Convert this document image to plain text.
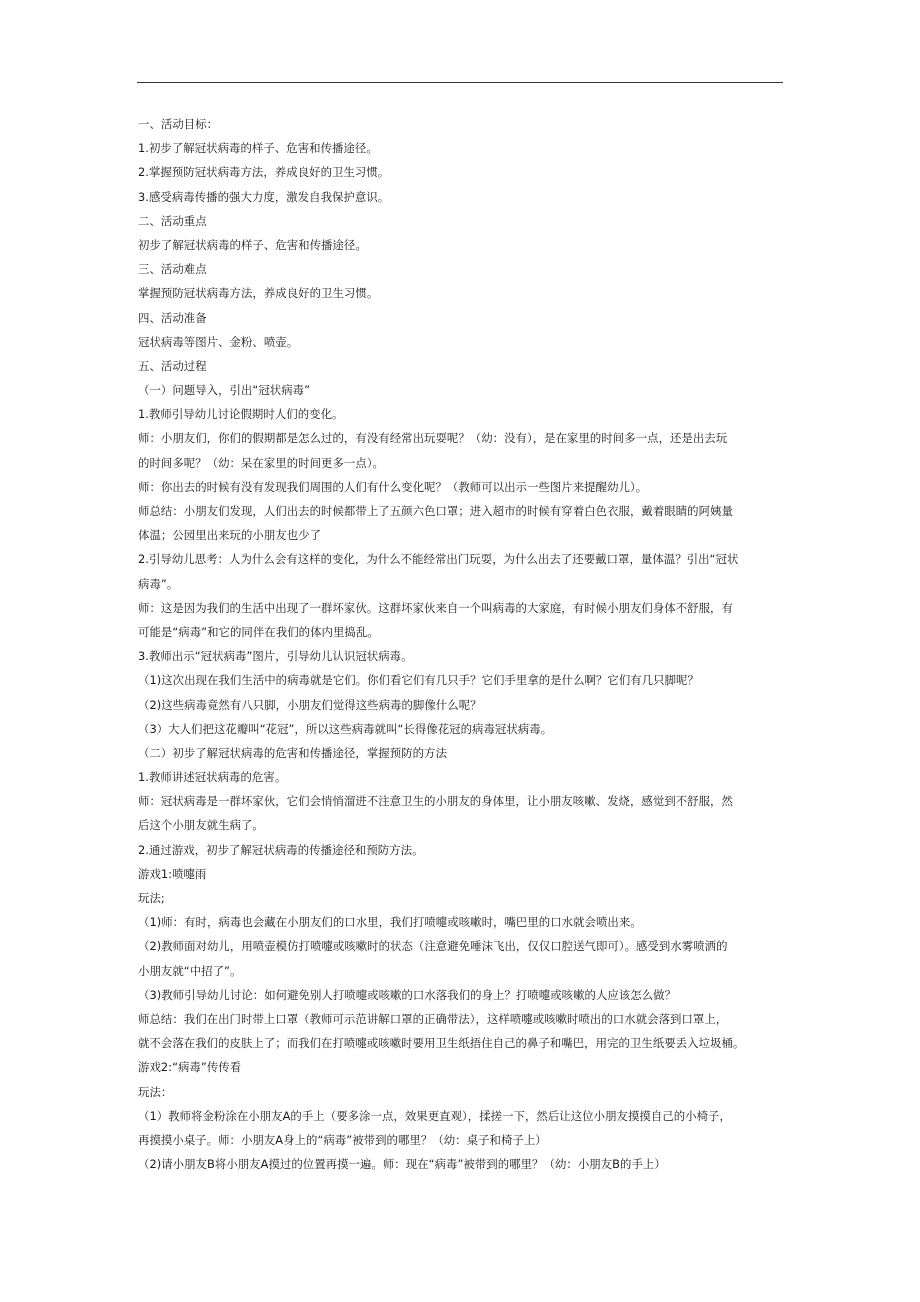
一、活动目标：
1.初步了解冠状病毒的样子、危害和传播途径。
2.掌握预防冠状病毒方法，养成良好的卫生习惯。
3.感受病毒传播的强大力度，激发自我保护意识。
二、活动重点
初步了解冠状病毒的样子、危害和传播途径。
三、活动难点
掌握预防冠状病毒方法，养成良好的卫生习惯。
四、活动准备
冠状病毒等图片、金粉、喷壶。
五、活动过程
（一）问题导入，引出“冠状病毒”
1.教师引导幼儿讨论假期时人们的变化。
师：小朋友们，你们的假期都是怎么过的，有没有经常出玩耍呢？（幼：没有），是在家里的时间多一点，还是出去玩
的时间多呢？（幼：呆在家里的时间更多一点）。
师：你出去的时候有没有发现我们周围的人们有什么变化呢？（教师可以出示一些图片来提醒幼儿）。
师总结：小朋友们发现，人们出去的时候都带上了五颜六色口罩；进入超市的时候有穿着白色衣服，戴着眼睛的阿姨量
体温；公园里出来玩的小朋友也少了
2.引导幼儿思考：人为什么会有这样的变化，为什么不能经常出门玩耍，为什么出去了还要戴口罩，量体温？引出“冠状
病毒”。
师：这是因为我们的生活中出现了一群坏家伙。这群坏家伙来自一个叫病毒的大家庭，有时候小朋友们身体不舒服，有
可能是“病毒”和它的同伴在我们的体内里捣乱。
3.教师出示“冠状病毒”图片，引导幼儿认识冠状病毒。
（1)这次出现在我们生活中的病毒就是它们。你们看它们有几只手？它们手里拿的是什么啊？它们有几只脚呢？
（2)这些病毒竟然有八只脚，小朋友们觉得这些病毒的脚像什么呢？
（3）大人们把这花瓣叫“花冠”，所以这些病毒就叫“长得像花冠的病毒冠状病毒。
（二）初步了解冠状病毒的危害和传播途径，掌握预防的方法
1.教师讲述冠状病毒的危害。
师：冠状病毒是一群坏家伙，它们会悄悄溜进不注意卫生的小朋友的身体里，让小朋友咳嗽、发烧，感觉到不舒服，然
后这个小朋友就生病了。
2.通过游戏，初步了解冠状病毒的传播途径和预防方法。
游戏1:喷嚏雨
玩法;
（1)师：有时，病毒也会藏在小朋友们的口水里，我们打喷嚏或咳嗽时，嘴巴里的口水就会喷出来。
（2)教师面对幼儿，用喷壶模仿打喷嚏或咳嗽时的状态（注意避免唾沫飞出，仅仅口腔送气即可）。感受到水雾喷洒的
小朋友就“中招了”。
（3)教师引导幼儿讨论：如何避免别人打喷嚏或咳嗽的口水落我们的身上？打喷嚏或咳嗽的人应该怎么做？
师总结：我们在出门时带上口罩（教师可示范讲解口罩的正确带法），这样喷嚏或咳嗽时喷出的口水就会落到口罩上，
就不会落在我们的皮肤上了；而我们在打喷嚏或咳嗽时要用卫生纸捂住自己的鼻子和嘴巴，用完的卫生纸要丢入垃圾桶。
游戏2:“病毒”传传看
玩法：
（1）教师将金粉涂在小朋友A的手上（要多涂一点，效果更直观），揉搓一下，然后让这位小朋友摸摸自己的小椅子，
再摸摸小桌子。师：小朋友A身上的“病毒”被带到的哪里？（幼：桌子和椅子上）
（2)请小朋友B将小朋友A摸过的位置再摸一遍。师：现在“病毒”被带到的哪里？（幼：小朋友B的手上）
